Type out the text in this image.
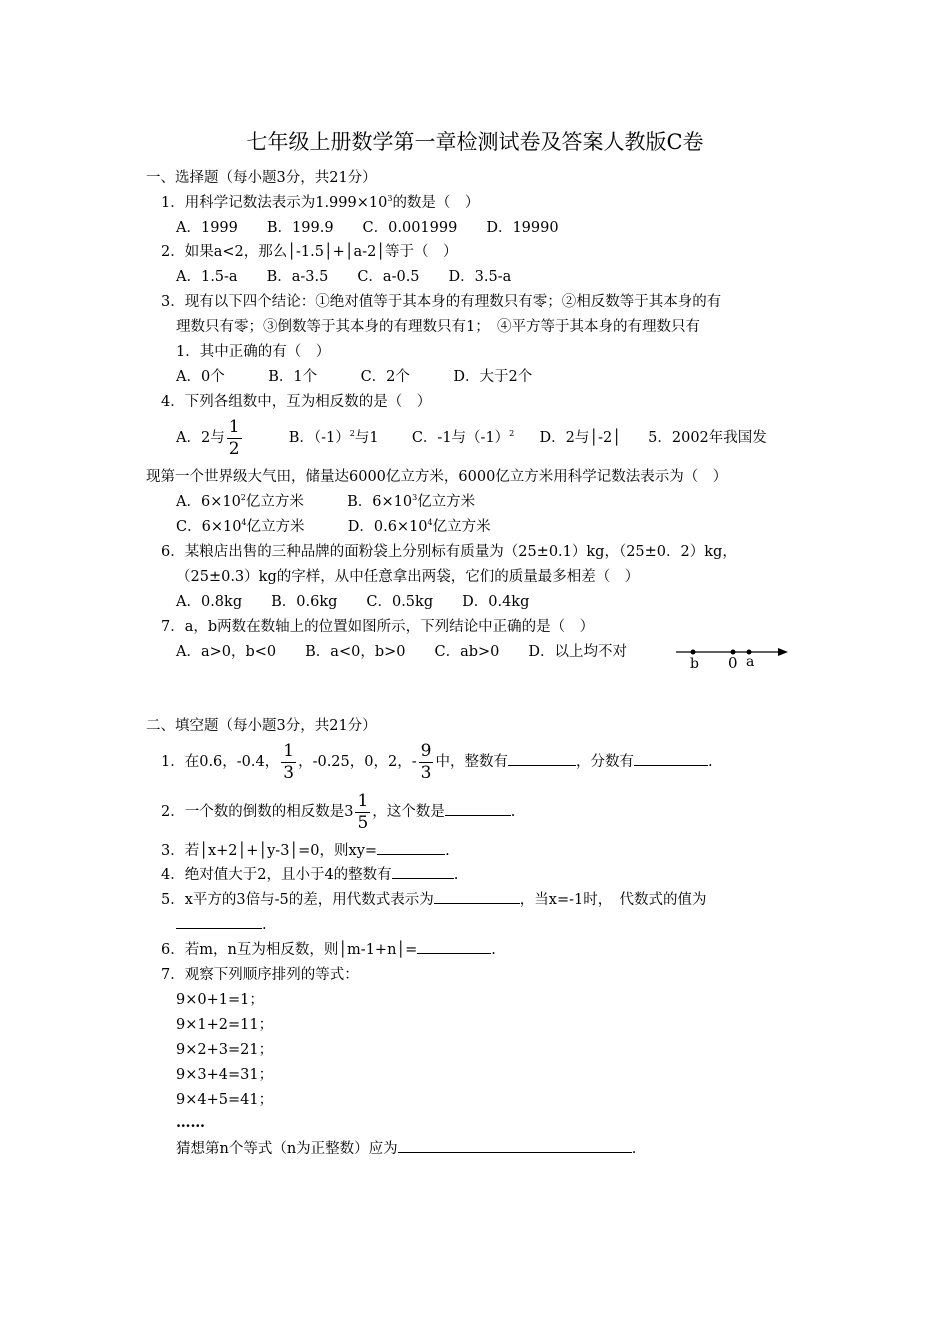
七年级上册数学第一章检测试卷及答案人教版C卷
一、选择题（每小题3分，共21分）
1．用科学记数法表示为$1.999\times 10^3$的数是（　）
A．1999　　B．199.9　　C．0.001999　　D．19990
2．如果a<2，那么│-1.5│+│a-2│等于（　）
A．1.5-a　　B．a-3.5　　C．a-0.5　　D．3.5-a
3．现有以下四个结论：①绝对值等于其本身的有理数只有零；②相反数等于其本身的有
理数只有零；③倒数等于其本身的有理数只有1；　④平方等于其本身的有理数只有
1．其中正确的有（　）
A．0个　　　B．1个　　　C．2个　　　D．大于2个
4．下列各组数中，互为相反数的是（　）
A．2与 $\frac{1}{2}$	B．$(-1)^2$与1 C．-1与$(-1)^2$ D．2与│-2│ 5．2002年我国发
现第一个世界级大气田，储量达6000亿立方米，6000亿立方米用科学记数法表示为（　）
A．$6\times 10^2$亿立方米	B．$6\times 10^3$亿立方米
C．$6\times 10^4$亿立方米	D．$0.6\times 10^4$亿立方米
6．某粮店出售的三种品牌的面粉袋上分别标有质量为（25±0.1）kg，（25±0．2）kg，
（25±0.3）kg的字样，从中任意拿出两袋，它们的质量最多相差（　）
A．0.8kg　　B．0.6kg　　C．0.5kg　　D．0.4kg
7．a，b两数在数轴上的位置如图所示，下列结论中正确的是（　）
A．a>0，b<0　　B．a<0，b>0　　C．ab>0　　D．以上均不对
b 0 a
二、填空题（每小题3分，共21分）
1．在0.6，-0.4， $\frac{1}{3}$ ，-0.25，0，2，- $\frac{9}{3}$ 中，整数有	，分数有	.
2．一个数的倒数的相反数是$3 \frac{1}{5}$ ，这个数是	.
3．若│x+2│+│y-3│=0，则xy=	.
4．绝对值大于2，且小于4的整数有	.
5．x平方的3倍与-5的差，用代数式表示为	，当x=-1时，　代数式的值为
.
6．若m，n互为相反数，则│m-1+n│=	.
7．观察下列顺序排列的等式：
9×0+1=1；
9×1+2=11；
9×2+3=21；
9×3+4=31；
9×4+5=41；
……
猜想第n个等式（n为正整数）应为	.
